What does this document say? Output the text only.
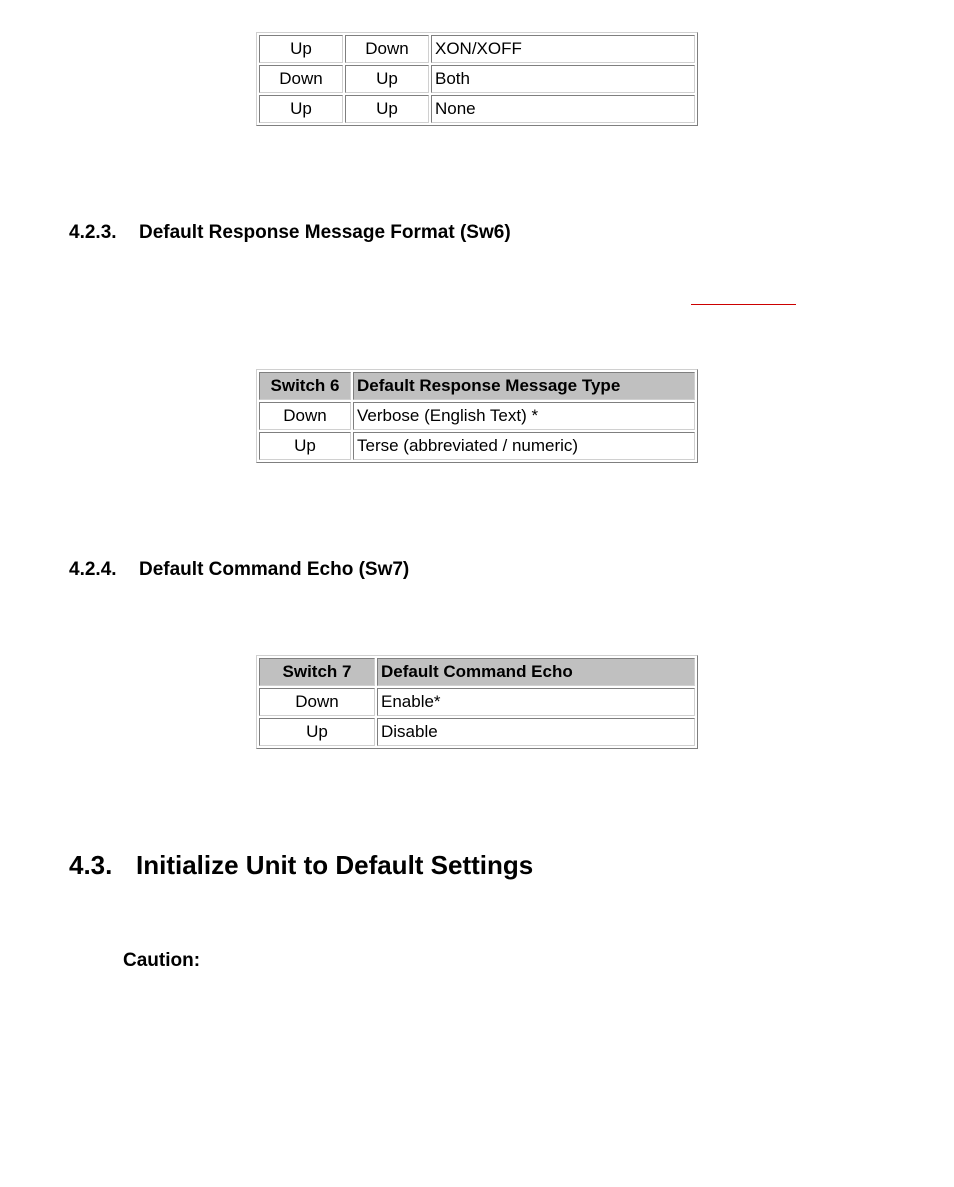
Up	Down	XON/XOFF
Down	Up	Both
Up	Up	None
4.2.3. Default Response Message Format (Sw6)
Switch 6	Default Response Message Type
Down	Verbose (English Text) *
Up	Terse (abbreviated / numeric)
4.2.4. Default Command Echo (Sw7)
Switch 7	Default Command Echo
Down	Enable*
Up	Disable
4.3. Initialize Unit to Default Settings

Caution:
